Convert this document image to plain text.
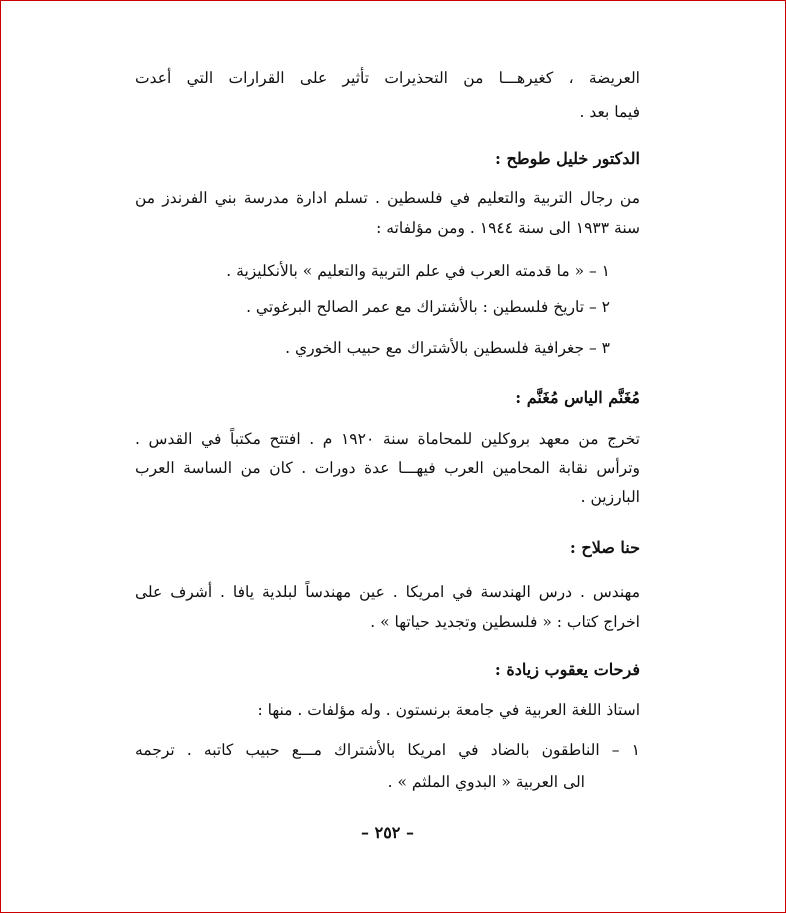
العريضة ، كغيرهـــا من التحذيرات تأثير على القرارات التي أعدت
فيما بعد .
الدكتور خليل طوطح :
من رجال التربية والتعليم في فلسطين . تسلم ادارة مدرسة بني الفرندز من
سنة ١٩٣٣ الى سنة ١٩٤٤ . ومن مؤلفاته :
١ – « ما قدمته العرب في علم التربية والتعليم » بالأنكليزية .
٢ – تاريخ فلسطين : بالأشتراك مع عمر الصالح البرغوتي .
٣ – جغرافية فلسطين بالأشتراك مع حبيب الخوري .
مُغَنَّم الياس مُغَنَّم :
تخرج من معهد بروكلين للمحاماة سنة ١٩٢٠ م . افتتح مكتباً في القدس .
وترأس نقابة المحامين العرب فيهـــا عدة دورات . كان من الساسة العرب
البارزين .
حنا صلاح :
مهندس . درس الهندسة في امريكا . عين مهندساً لبلدية يافا . أشرف على
اخراج كتاب : « فلسطين وتجديد حياتها » .
فرحات يعقوب زيادة :
استاذ اللغة العربية في جامعة برنستون . وله مؤلفات . منها :
١ – الناطقون بالضاد في امريكا بالأشتراك مـــع حبيب كاتبه . ترجمه
الى العربية « البدوي الملثم » .
– ٢٥٢ –
